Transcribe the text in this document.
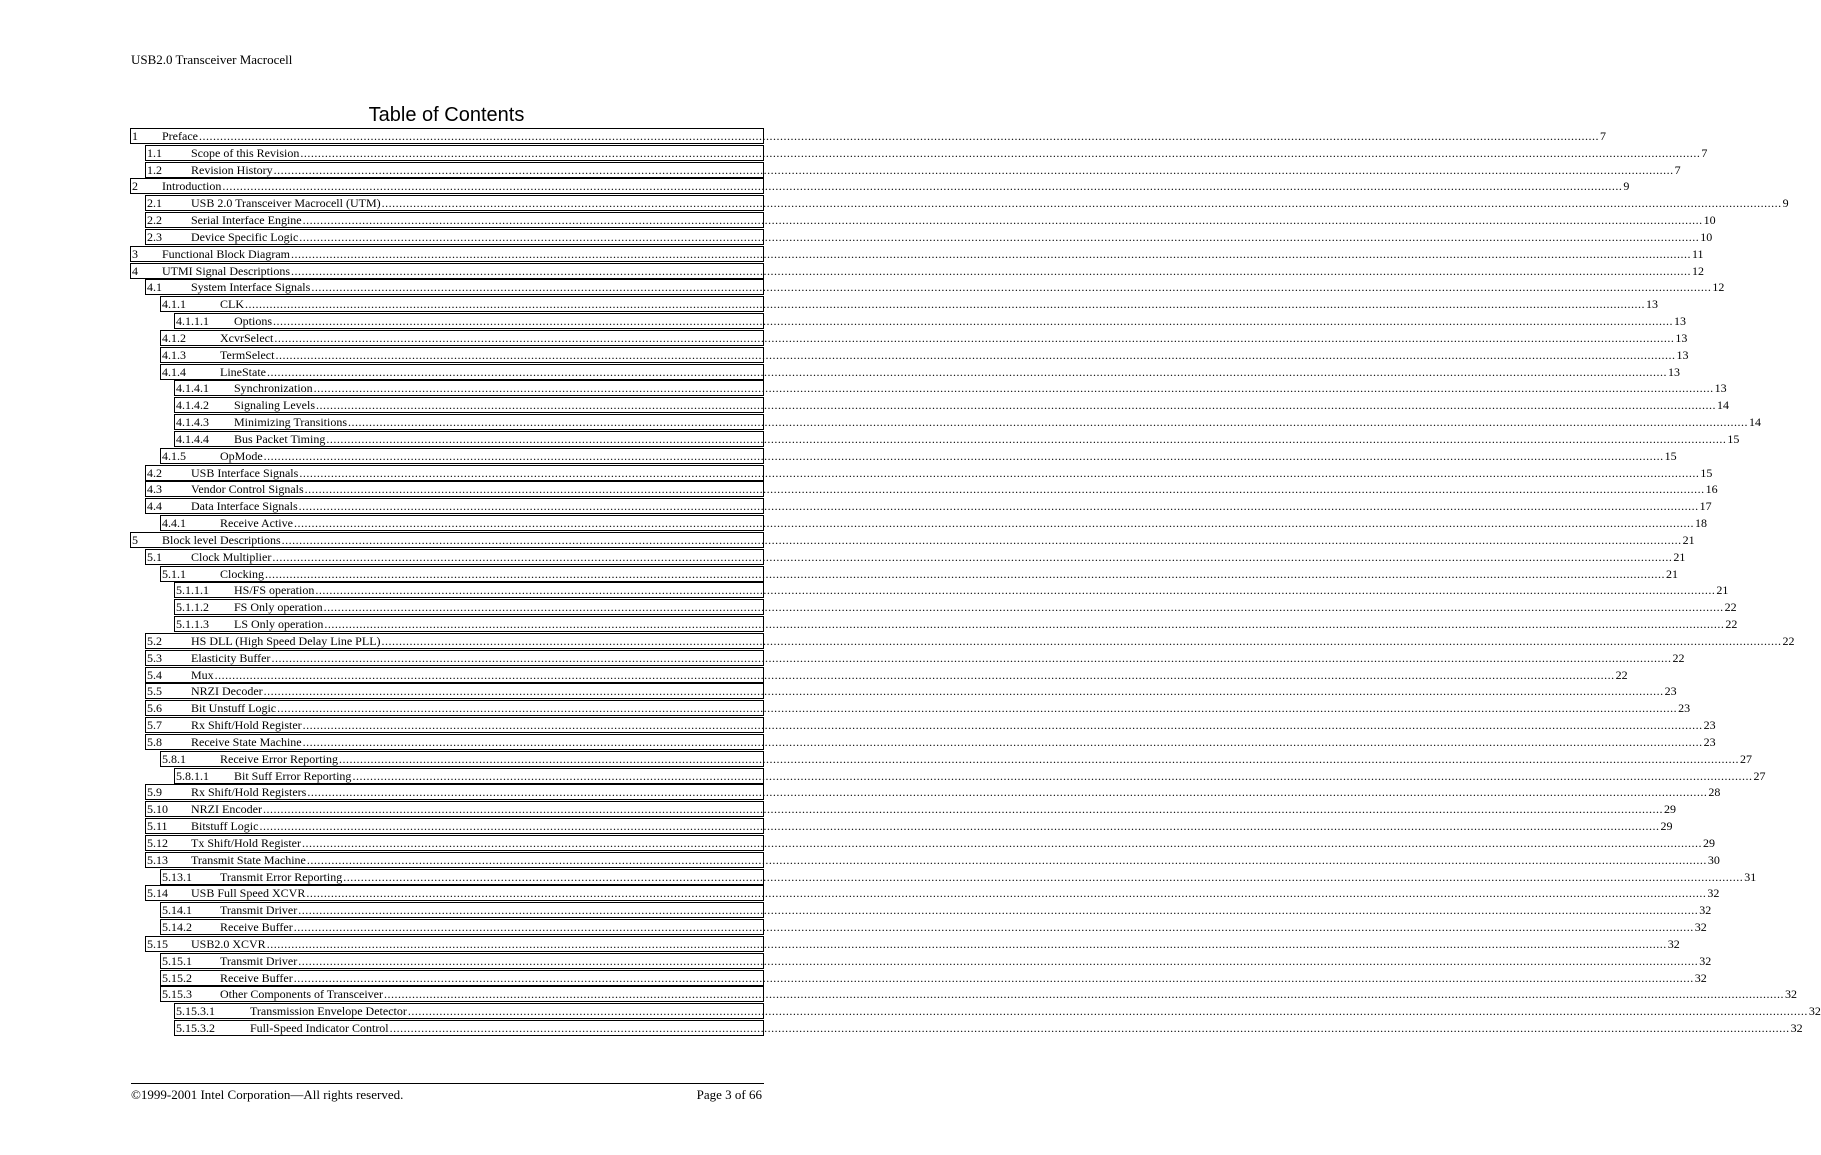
USB2.0 Transceiver Macrocell
Table of Contents
1	Preface ................................................................................................................................................................................................................................................................................................................................................................................................................ 7
1.1	Scope of this Revision ................................................................................................................................................................................................................................................................................................................................................................................................................ 7
1.2	Revision History ................................................................................................................................................................................................................................................................................................................................................................................................................ 7
2	Introduction ................................................................................................................................................................................................................................................................................................................................................................................................................ 9
2.1	USB 2.0 Transceiver Macrocell (UTM) ................................................................................................................................................................................................................................................................................................................................................................................................................ 9
2.2	Serial Interface Engine ................................................................................................................................................................................................................................................................................................................................................................................................................ 10
2.3	Device Specific Logic ................................................................................................................................................................................................................................................................................................................................................................................................................ 10
3	Functional Block Diagram ................................................................................................................................................................................................................................................................................................................................................................................................................ 11
4	UTMI Signal Descriptions ................................................................................................................................................................................................................................................................................................................................................................................................................ 12
4.1	System Interface Signals ................................................................................................................................................................................................................................................................................................................................................................................................................ 12
4.1.1	CLK ................................................................................................................................................................................................................................................................................................................................................................................................................ 13
4.1.1.1	Options ................................................................................................................................................................................................................................................................................................................................................................................................................ 13
4.1.2	XcvrSelect ................................................................................................................................................................................................................................................................................................................................................................................................................ 13
4.1.3	TermSelect ................................................................................................................................................................................................................................................................................................................................................................................................................ 13
4.1.4	LineState ................................................................................................................................................................................................................................................................................................................................................................................................................ 13
4.1.4.1	Synchronization ................................................................................................................................................................................................................................................................................................................................................................................................................ 13
4.1.4.2	Signaling Levels ................................................................................................................................................................................................................................................................................................................................................................................................................ 14
4.1.4.3	Minimizing Transitions ................................................................................................................................................................................................................................................................................................................................................................................................................ 14
4.1.4.4	Bus Packet Timing ................................................................................................................................................................................................................................................................................................................................................................................................................ 15
4.1.5	OpMode ................................................................................................................................................................................................................................................................................................................................................................................................................ 15
4.2	USB Interface Signals ................................................................................................................................................................................................................................................................................................................................................................................................................ 15
4.3	Vendor Control Signals ................................................................................................................................................................................................................................................................................................................................................................................................................ 16
4.4	Data Interface Signals ................................................................................................................................................................................................................................................................................................................................................................................................................ 17
4.4.1	Receive Active ................................................................................................................................................................................................................................................................................................................................................................................................................ 18
5	Block level Descriptions ................................................................................................................................................................................................................................................................................................................................................................................................................ 21
5.1	Clock Multiplier ................................................................................................................................................................................................................................................................................................................................................................................................................ 21
5.1.1	Clocking ................................................................................................................................................................................................................................................................................................................................................................................................................ 21
5.1.1.1	HS/FS operation ................................................................................................................................................................................................................................................................................................................................................................................................................ 21
5.1.1.2	FS Only operation ................................................................................................................................................................................................................................................................................................................................................................................................................ 22
5.1.1.3	LS Only operation ................................................................................................................................................................................................................................................................................................................................................................................................................ 22
5.2	HS DLL (High Speed Delay Line PLL) ................................................................................................................................................................................................................................................................................................................................................................................................................ 22
5.3	Elasticity Buffer ................................................................................................................................................................................................................................................................................................................................................................................................................ 22
5.4	Mux ................................................................................................................................................................................................................................................................................................................................................................................................................ 22
5.5	NRZI Decoder ................................................................................................................................................................................................................................................................................................................................................................................................................ 23
5.6	Bit Unstuff Logic ................................................................................................................................................................................................................................................................................................................................................................................................................ 23
5.7	Rx Shift/Hold Register ................................................................................................................................................................................................................................................................................................................................................................................................................ 23
5.8	Receive State Machine ................................................................................................................................................................................................................................................................................................................................................................................................................ 23
5.8.1	Receive Error Reporting ................................................................................................................................................................................................................................................................................................................................................................................................................ 27
5.8.1.1	Bit Suff Error Reporting ................................................................................................................................................................................................................................................................................................................................................................................................................ 27
5.9	Rx Shift/Hold Registers ................................................................................................................................................................................................................................................................................................................................................................................................................ 28
5.10	NRZI Encoder ................................................................................................................................................................................................................................................................................................................................................................................................................ 29
5.11	Bitstuff Logic ................................................................................................................................................................................................................................................................................................................................................................................................................ 29
5.12	Tx Shift/Hold Register ................................................................................................................................................................................................................................................................................................................................................................................................................ 29
5.13	Transmit State Machine ................................................................................................................................................................................................................................................................................................................................................................................................................ 30
5.13.1	Transmit Error Reporting ................................................................................................................................................................................................................................................................................................................................................................................................................ 31
5.14	USB Full Speed XCVR ................................................................................................................................................................................................................................................................................................................................................................................................................ 32
5.14.1	Transmit Driver ................................................................................................................................................................................................................................................................................................................................................................................................................ 32
5.14.2	Receive Buffer ................................................................................................................................................................................................................................................................................................................................................................................................................ 32
5.15	USB2.0 XCVR ................................................................................................................................................................................................................................................................................................................................................................................................................ 32
5.15.1	Transmit Driver ................................................................................................................................................................................................................................................................................................................................................................................................................ 32
5.15.2	Receive Buffer ................................................................................................................................................................................................................................................................................................................................................................................................................ 32
5.15.3	Other Components of Transceiver ................................................................................................................................................................................................................................................................................................................................................................................................................ 32
5.15.3.1	Transmission Envelope Detector ................................................................................................................................................................................................................................................................................................................................................................................................................ 32
5.15.3.2	Full-Speed Indicator Control ................................................................................................................................................................................................................................................................................................................................................................................................................ 32
©1999-2001 Intel Corporation—All rights reserved.	Page 3 of 66
